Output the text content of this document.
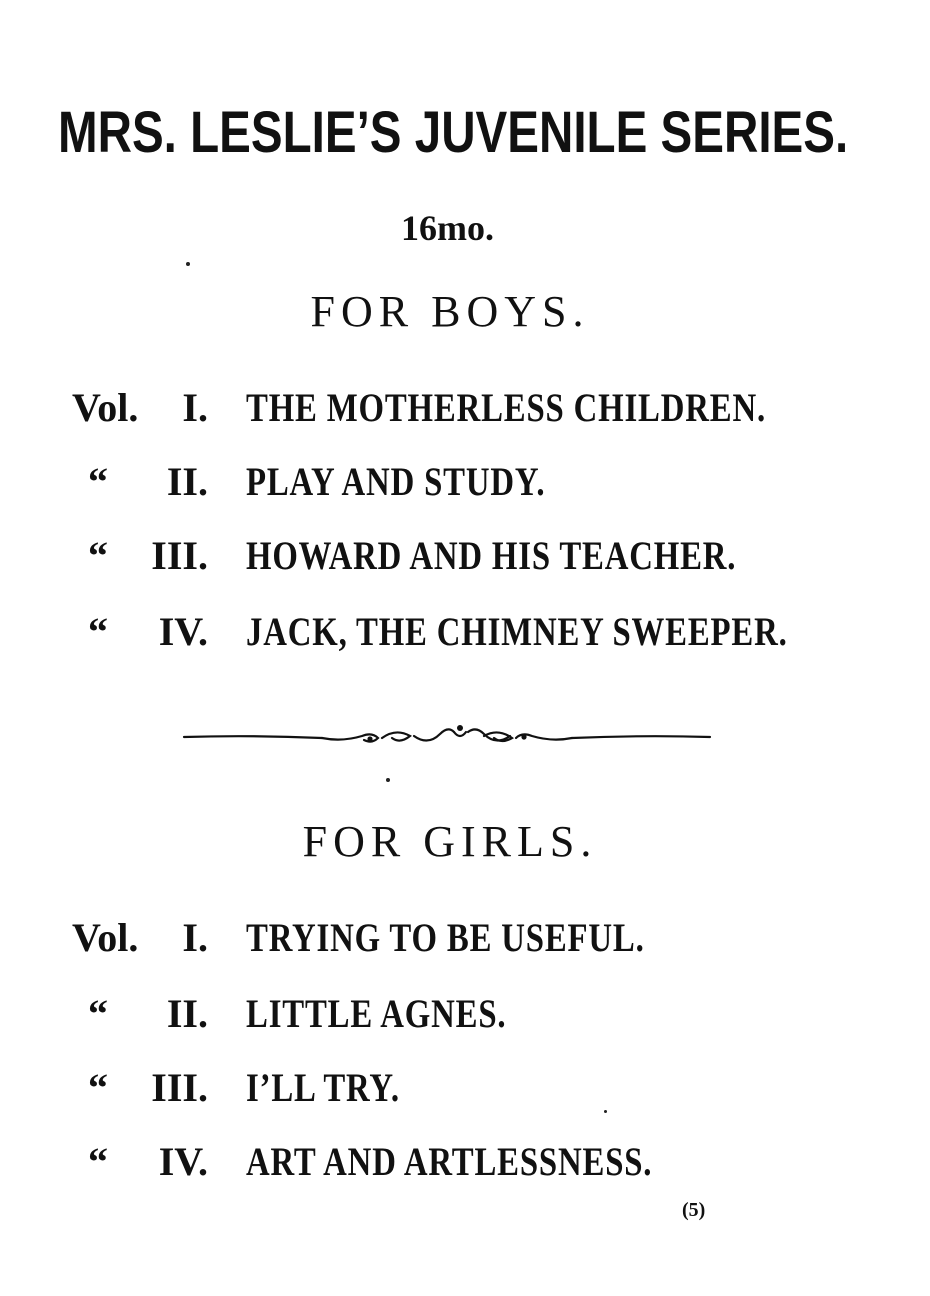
MRS. LESLIE’S JUVENILE SERIES.
16mo.
FOR BOYS.
Vol.	I. THE MOTHERLESS CHILDREN.
“	II. PLAY AND STUDY.
“	III. HOWARD AND HIS TEACHER.
“	IV. JACK, THE CHIMNEY SWEEPER.
FOR GIRLS.
Vol.	I. TRYING TO BE USEFUL.
“	II. LITTLE AGNES.
“	III. I’LL TRY.
“	IV. ART AND ARTLESSNESS.
(5)
